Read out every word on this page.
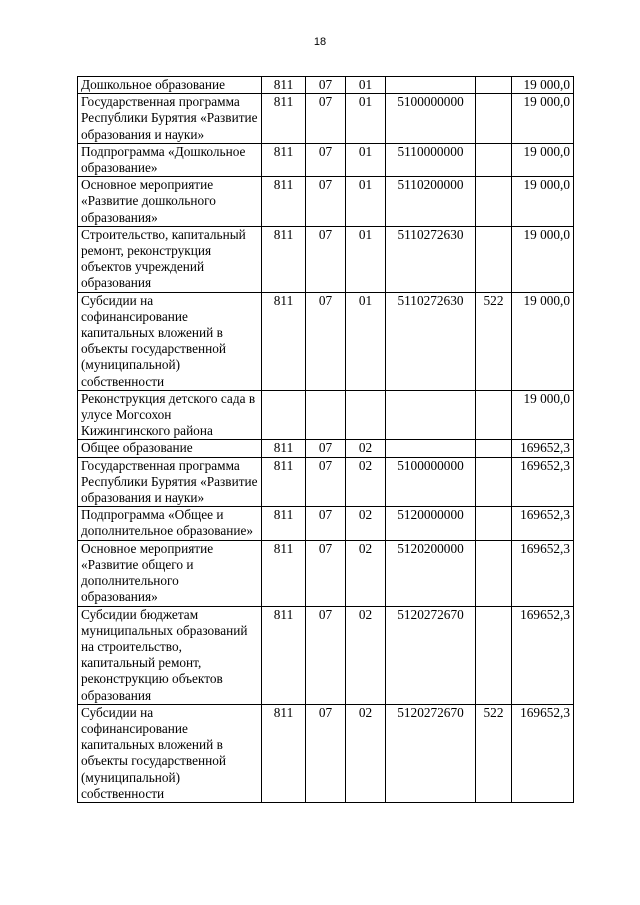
18
Дошкольное образование	811	07	01			19 000,0
Государственная программа Республики Бурятия «Развитие образования и науки»	811	07	01	5100000000		19 000,0
Подпрограмма «Дошкольное образование»	811	07	01	5110000000		19 000,0
Основное мероприятие «Развитие дошкольного образования»	811	07	01	5110200000		19 000,0
Строительство, капитальный ремонт, реконструкция объектов учреждений образования	811	07	01	5110272630		19 000,0
Субсидии на софинансирование капитальных вложений в объекты государственной (муниципальной) собственности	811	07	01	5110272630	522	19 000,0
Реконструкция детского сада в улусе Могсохон Кижингинского района						19 000,0
Общее образование	811	07	02			169652,3
Государственная программа Республики Бурятия «Развитие образования и науки»	811	07	02	5100000000		169652,3
Подпрограмма «Общее и дополнительное образование»	811	07	02	5120000000		169652,3
Основное мероприятие «Развитие общего и дополнительного образования»	811	07	02	5120200000		169652,3
Субсидии бюджетам муниципальных образований на строительство, капитальный ремонт, реконструкцию объектов образования	811	07	02	5120272670		169652,3
Субсидии на софинансирование капитальных вложений в объекты государственной (муниципальной) собственности	811	07	02	5120272670	522	169652,3
